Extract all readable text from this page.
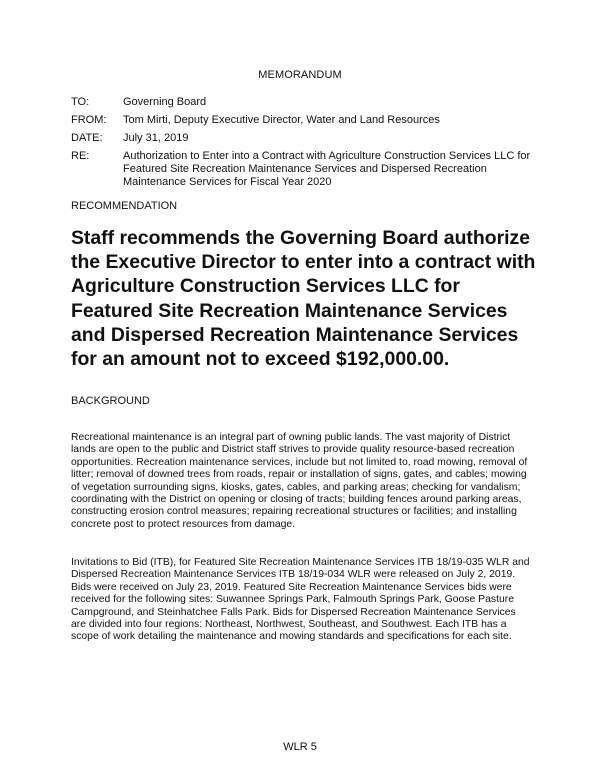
MEMORANDUM
TO:	Governing Board
FROM:	Tom Mirti, Deputy Executive Director, Water and Land Resources
DATE:	July 31, 2019
RE:	Authorization to Enter into a Contract with Agriculture Construction Services LLC for Featured Site Recreation Maintenance Services and Dispersed Recreation Maintenance Services for Fiscal Year 2020
RECOMMENDATION
Staff recommends the Governing Board authorize the Executive Director to enter into a contract with Agriculture Construction Services LLC for Featured Site Recreation Maintenance Services and Dispersed Recreation Maintenance Services for an amount not to exceed $192,000.00.
BACKGROUND
Recreational maintenance is an integral part of owning public lands. The vast majority of District lands are open to the public and District staff strives to provide quality resource-based recreation opportunities. Recreation maintenance services, include but not limited to, road mowing, removal of litter; removal of downed trees from roads, repair or installation of signs, gates, and cables; mowing of vegetation surrounding signs, kiosks, gates, cables, and parking areas; checking for vandalism; coordinating with the District on opening or closing of tracts; building fences around parking areas, constructing erosion control measures; repairing recreational structures or facilities; and installing concrete post to protect resources from damage.
Invitations to Bid (ITB), for Featured Site Recreation Maintenance Services ITB 18/19-035 WLR and Dispersed Recreation Maintenance Services ITB 18/19-034 WLR were released on July 2, 2019. Bids were received on July 23, 2019. Featured Site Recreation Maintenance Services bids were received for the following sites: Suwannee Springs Park, Falmouth Springs Park, Goose Pasture Campground, and Steinhatchee Falls Park. Bids for Dispersed Recreation Maintenance Services are divided into four regions: Northeast, Northwest, Southeast, and Southwest. Each ITB has a scope of work detailing the maintenance and mowing standards and specifications for each site.
WLR 5
